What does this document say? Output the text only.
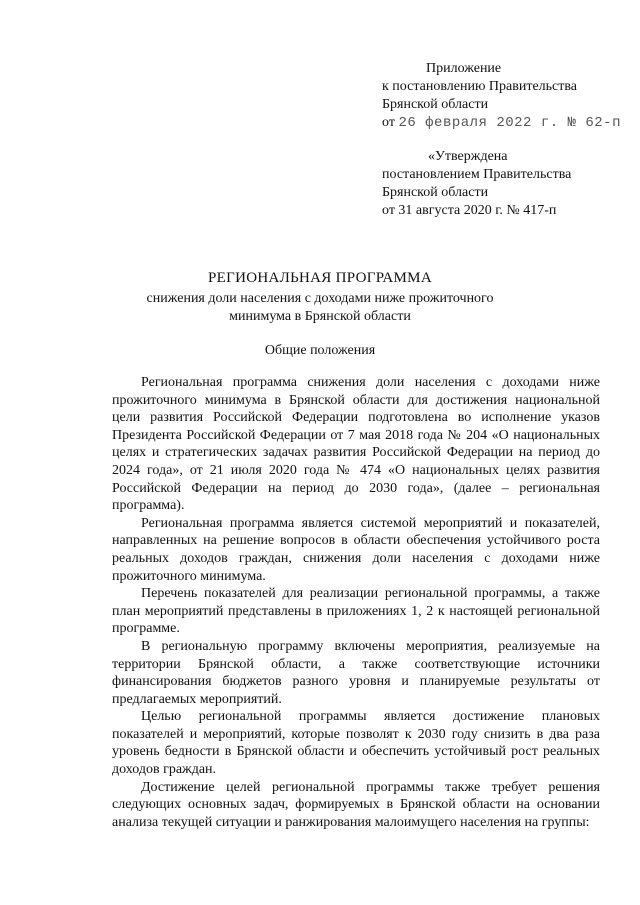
Приложение
к постановлению Правительства
Брянской области
от 26 февраля 2022 г. № 62-п
«Утверждена
постановлением Правительства
Брянской области
от 31 августа 2020 г. № 417-п
РЕГИОНАЛЬНАЯ ПРОГРАММА
снижения доли населения с доходами ниже прожиточного
минимума в Брянской области
Общие положения

Региональная программа снижения доли населения с доходами ниже прожиточного минимума в Брянской области для достижения национальной цели развития Российской Федерации подготовлена во исполнение указов Президента Российской Федерации от 7 мая 2018 года № 204 «О национальных целях и стратегических задачах развития Российской Федерации на период до 2024 года», от 21 июля 2020 года № 474 «О национальных целях развития Российской Федерации на период до 2030 года», (далее – региональная программа).

Региональная программа является системой мероприятий и показателей, направленных на решение вопросов в области обеспечения устойчивого роста реальных доходов граждан, снижения доли населения с доходами ниже прожиточного минимума.

Перечень показателей для реализации региональной программы, а также план мероприятий представлены в приложениях 1, 2 к настоящей региональной программе.

В региональную программу включены мероприятия, реализуемые на территории Брянской области, а также соответствующие источники финансирования бюджетов разного уровня и планируемые результаты от предлагаемых мероприятий.

Целью региональной программы является достижение плановых показателей и мероприятий, которые позволят к 2030 году снизить в два раза уровень бедности в Брянской области и обеспечить устойчивый рост реальных доходов граждан.

Достижение целей региональной программы также требует решения следующих основных задач, формируемых в Брянской области на основании анализа текущей ситуации и ранжирования малоимущего населения на группы:
